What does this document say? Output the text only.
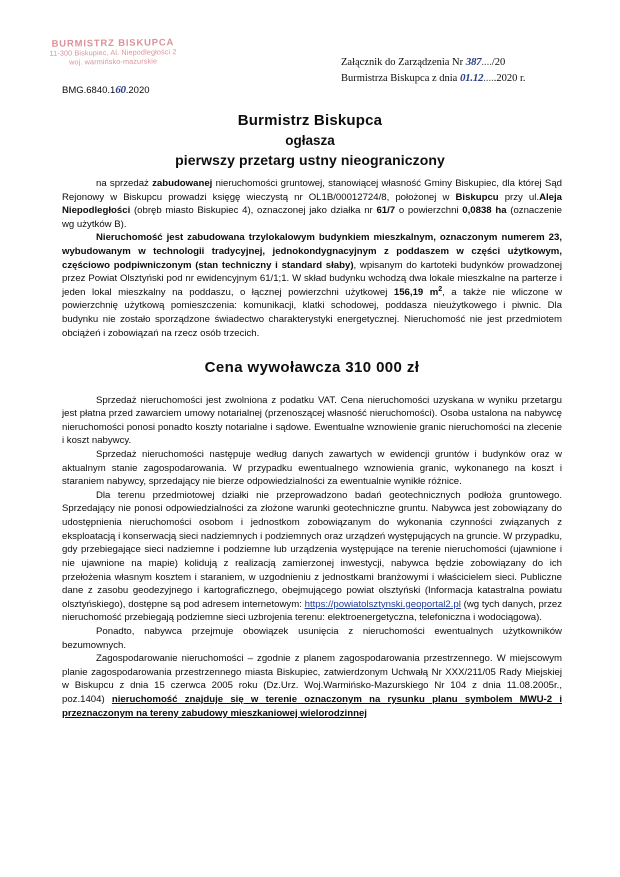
BURMISTRZ BISKUPCA
11-300 Biskupiec, Al. Niepodległości 2
woj. warmińsko-mazurskie
BMG.6840.160.2020
Załącznik do Zarządzenia Nr 387..../20
Burmistrza Biskupca z dnia 01.12.....2020 r.
Burmistrz Biskupca
ogłasza
pierwszy przetarg ustny nieograniczony

na sprzedaż zabudowanej nieruchomości gruntowej, stanowiącej własność Gminy Biskupiec, dla której Sąd Rejonowy w Biskupcu prowadzi księgę wieczystą nr OL1B/00012724/8, położonej w Biskupcu przy ul.Aleja Niepodległości (obręb miasto Biskupiec 4), oznaczonej jako działka nr 61/7 o powierzchni 0,0838 ha (oznaczenie wg użytków B).

Nieruchomość jest zabudowana trzylokalowym budynkiem mieszkalnym, oznaczonym numerem 23, wybudowanym w technologii tradycyjnej, jednokondygnacyjnym z poddaszem w części użytkowym, częściowo podpiwniczonym (stan techniczny i standard słaby), wpisanym do kartoteki budynków prowadzonej przez Powiat Olsztyński pod nr ewidencyjnym 61/1;1. W skład budynku wchodzą dwa lokale mieszkalne na parterze i jeden lokal mieszkalny na poddaszu, o łącznej powierzchni użytkowej 156,19 $m^2$, a także nie wliczone w powierzchnię użytkową pomieszczenia: komunikacji, klatki schodowej, poddasza nieużytkowego i piwnic. Dla budynku nie zostało sporządzone świadectwo charakterystyki energetycznej. Nieruchomość nie jest przedmiotem obciążeń i zobowiązań na rzecz osób trzecich.

Cena wywoławcza 310 000 zł

Sprzedaż nieruchomości jest zwolniona z podatku VAT. Cena nieruchomości uzyskana w wyniku przetargu jest płatna przed zawarciem umowy notarialnej (przenoszącej własność nieruchomości). Osoba ustalona na nabywcę nieruchomości ponosi ponadto koszty notarialne i sądowe. Ewentualne wznowienie granic nieruchomości na zlecenie i koszt nabywcy.

Sprzedaż nieruchomości następuje według danych zawartych w ewidencji gruntów i budynków oraz w aktualnym stanie zagospodarowania. W przypadku ewentualnego wznowienia granic, wykonanego na koszt i staraniem nabywcy, sprzedający nie bierze odpowiedzialności za ewentualnie wynikłe różnice.

Dla terenu przedmiotowej działki nie przeprowadzono badań geotechnicznych podłoża gruntowego. Sprzedający nie ponosi odpowiedzialności za złożone warunki geotechniczne gruntu. Nabywca jest zobowiązany do udostępnienia nieruchomości osobom i jednostkom zobowiązanym do wykonania czynności związanych z eksploatacją i konserwacją sieci nadziemnych i podziemnych oraz urządzeń występujących na gruncie. W przypadku, gdy przebiegające sieci nadziemne i podziemne lub urządzenia występujące na terenie nieruchomości (ujawnione i nie ujawnione na mapie) kolidują z realizacją zamierzonej inwestycji, nabywca będzie zobowiązany do ich przełożenia własnym kosztem i staraniem, w uzgodnieniu z jednostkami branżowymi i właścicielem sieci. Publiczne dane z zasobu geodezyjnego i kartograficznego, obejmującego powiat olsztyński (Informacja katastralna powiatu olsztyńskiego), dostępne są pod adresem internetowym: https://powiatolsztynski.geoportal2.pl (wg tych danych, przez nieruchomość przebiegają podziemne sieci uzbrojenia terenu: elektroenergetyczna, telefoniczna i wodociągowa).

Ponadto, nabywca przejmuje obowiązek usunięcia z nieruchomości ewentualnych użytkowników bezumownych.

Zagospodarowanie nieruchomości – zgodnie z planem zagospodarowania przestrzennego. W miejscowym planie zagospodarowania przestrzennego miasta Biskupiec, zatwierdzonym Uchwałą Nr XXX/211/05 Rady Miejskiej w Biskupcu z dnia 15 czerwca 2005 roku (Dz.Urz. Woj.Warmińsko-Mazurskiego Nr 104 z dnia 11.08.2005r., poz.1404) nieruchomość znajduje się w terenie oznaczonym na rysunku planu symbolem MWU-2 i przeznaczonym na tereny zabudowy mieszkaniowej wielorodzinnej
